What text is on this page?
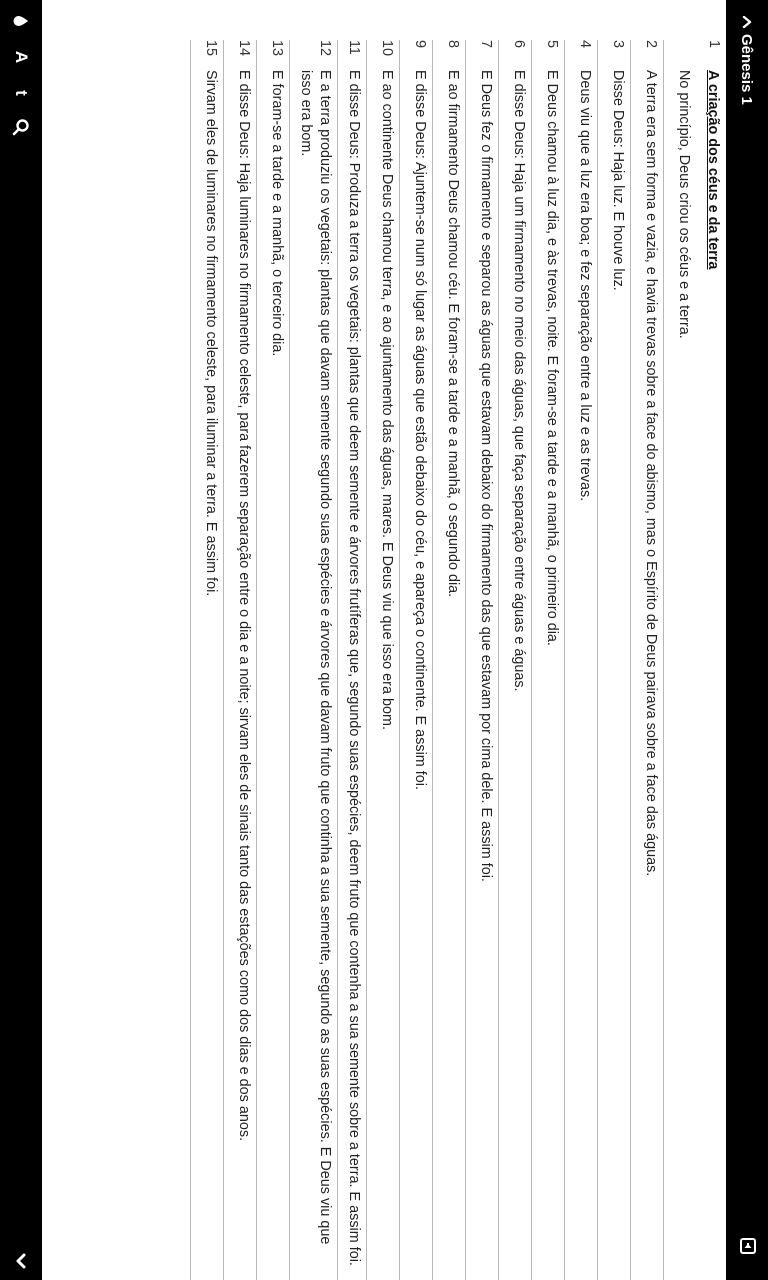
Gênesis 1
1
A criação dos céus e da terra
No princípio, Deus criou os céus e a terra.
2
A terra era sem forma e vazia, e havia trevas sobre a face do abismo, mas o Espírito de Deus pairava sobre a face das águas.
3
Disse Deus: Haja luz. E houve luz.
4
Deus viu que a luz era boa; e fez separação entre a luz e as trevas.
5
E Deus chamou à luz dia, e às trevas, noite. E foram-se a tarde e a manhã, o primeiro dia.
6
E disse Deus: Haja um firmamento no meio das águas, que faça separação entre águas e águas.
7
E Deus fez o firmamento e separou as águas que estavam debaixo do firmamento das que estavam por cima dele. E assim foi.
8
E ao firmamento Deus chamou céu. E foram-se a tarde e a manhã, o segundo dia.
9
E disse Deus: Ajuntem-se num só lugar as águas que estão debaixo do céu, e apareça o continente. E assim foi.
10
E ao continente Deus chamou terra, e ao ajuntamento das águas, mares. E Deus viu que isso era bom.
11
E disse Deus: Produza a terra os vegetais: plantas que deem semente e árvores frutíferas que, segundo suas espécies, deem fruto que contenha a sua semente sobre a terra. E assim foi.
12
E a terra produziu os vegetais: plantas que davam semente segundo suas espécies e árvores que davam fruto que continha a sua semente, segundo as suas espécies. E Deus viu que isso era bom.
13
E foram-se a tarde e a manhã, o terceiro dia.
14
E disse Deus: Haja luminares no firmamento celeste, para fazerem separação entre o dia e a noite; sirvam eles de sinais tanto das estações como dos dias e dos anos.
15
Sirvam eles de luminares no firmamento celeste, para iluminar a terra. E assim foi.
A
t
